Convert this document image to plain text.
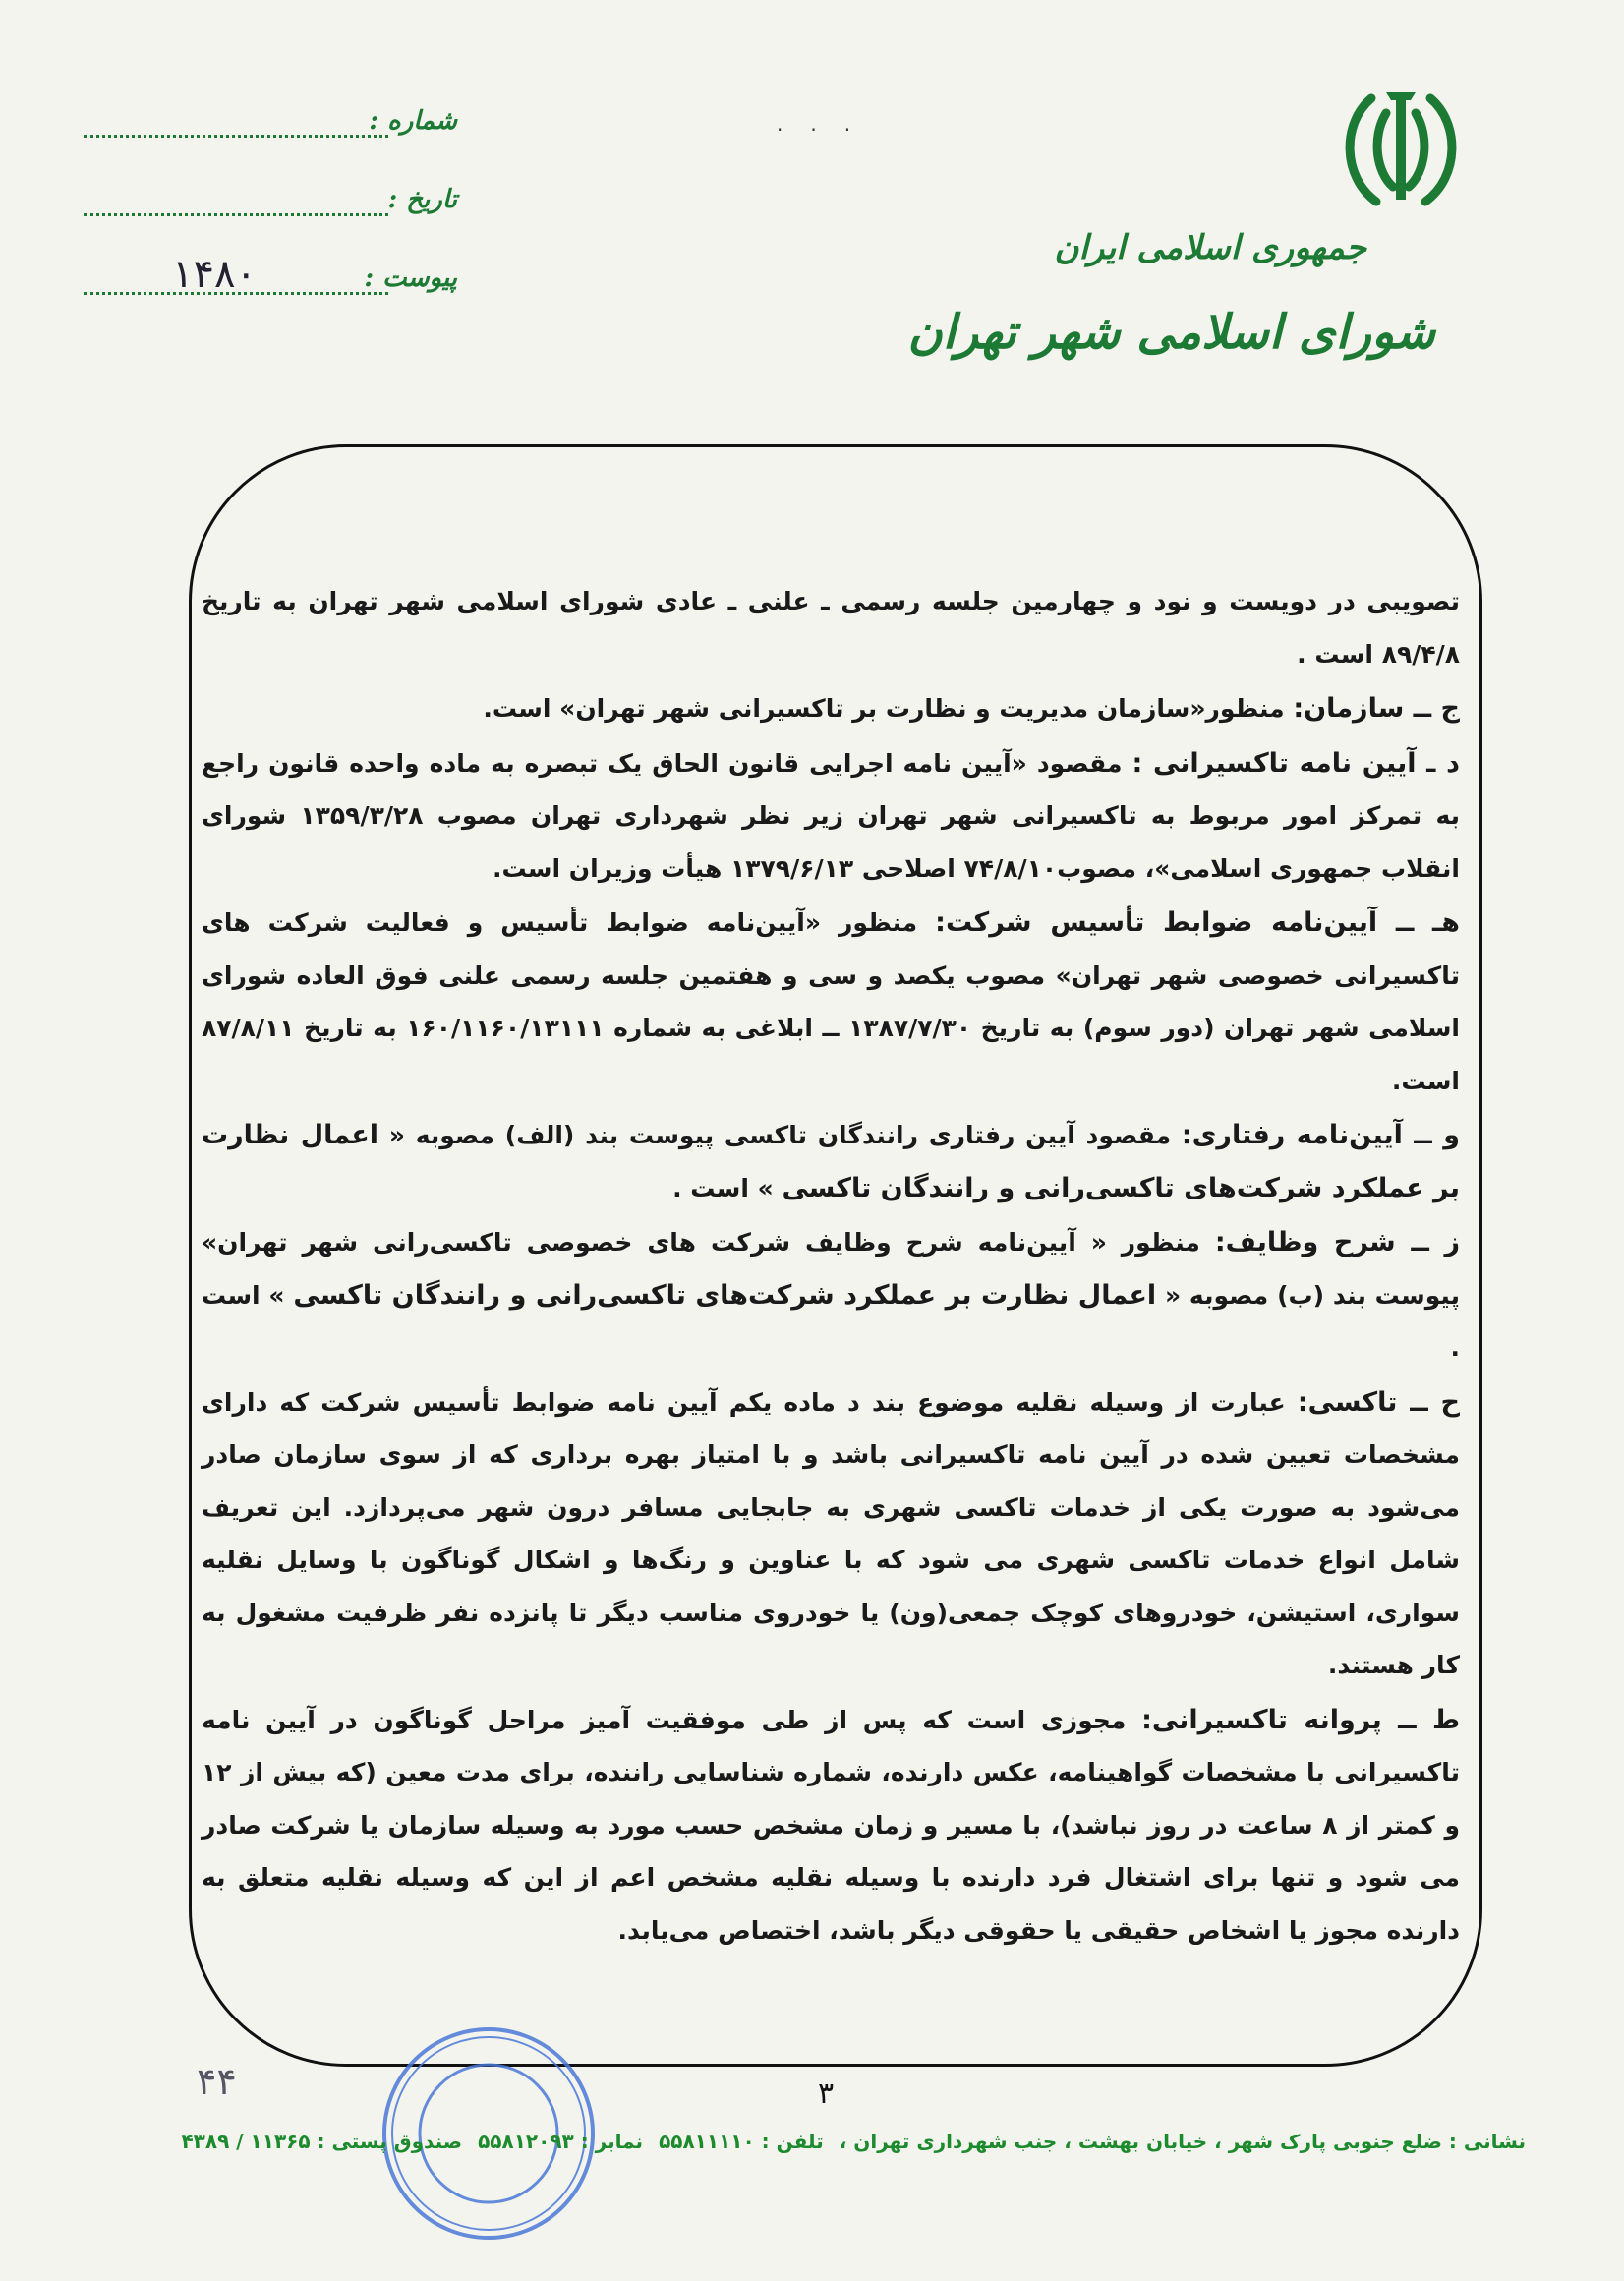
جمهوری اسلامی ایران
شورای اسلامی شهر تهران
···
شماره :
تاریخ :
پیوست :
۱۴۸۰

تصویبی در دویست و نود و چهارمین جلسه رسمی ـ علنی ـ عادی شورای اسلامی شهر تهران به تاریخ ۸۹/۴/۸ است .

ج ــ سازمان: منظور«سازمان مدیریت و نظارت بر تاکسیرانی شهر تهران» است.

د ـ آیین نامه تاکسیرانی : مقصود «آیین نامه اجرایی قانون الحاق یک تبصره به ماده واحده قانون راجع به تمرکز امور مربوط به تاکسیرانی شهر تهران زیر نظر شهرداری تهران مصوب ۱۳۵۹/۳/۲۸ شورای انقلاب جمهوری اسلامی»، مصوب۷۴/۸/۱۰ اصلاحی ۱۳۷۹/۶/۱۳ هیأت وزیران است.

هـ ــ آیین‌نامه ضوابط تأسیس شرکت: منظور «آیین‌نامه ضوابط تأسیس و فعالیت شرکت های تاکسیرانی خصوصی شهر تهران» مصوب یکصد و سی و هفتمین جلسه رسمی علنی فوق العاده شورای اسلامی شهر تهران (دور سوم) به تاریخ ۱۳۸۷/۷/۳۰ ــ ابلاغی به شماره ۱۶۰/۱۱۶۰/۱۳۱۱۱ به تاریخ ۸۷/۸/۱۱ است.

و ــ آیین‌نامه رفتاری: مقصود آیین رفتاری رانندگان تاکسی پیوست بند (الف) مصوبه « اعمال نظارت بر عملکرد شرکت‌های تاکسی‌رانی و رانندگان تاکسی » است .

ز ــ شرح وظایف: منظور « آیین‌نامه شرح وظایف شرکت های خصوصی تاکسی‌رانی شهر تهران» پیوست بند (ب) مصوبه « اعمال نظارت بر عملکرد شرکت‌های تاکسی‌رانی و رانندگان تاکسی » است .

ح ــ تاکسی: عبارت از وسیله نقلیه موضوع بند د ماده یکم آیین نامه ضوابط تأسیس شرکت که دارای مشخصات تعیین شده در آیین نامه تاکسیرانی باشد و با امتیاز بهره برداری که از سوی سازمان صادر می‌شود به صورت یکی از خدمات تاکسی شهری به جابجایی مسافر درون شهر می‌پردازد. این تعریف شامل انواع خدمات تاکسی شهری می شود که با عناوین و رنگ‌ها و اشکال گوناگون با وسایل نقلیه سواری، استیشن، خودروهای کوچک جمعی(ون) یا خودروی مناسب دیگر تا پانزده نفر ظرفیت مشغول به کار هستند.

ط ــ پروانه تاکسیرانی: مجوزی است که پس از طی موفقیت آمیز مراحل گوناگون در آیین نامه تاکسیرانی با مشخصات گواهینامه، عکس دارنده، شماره شناسایی راننده، برای مدت معین (که بیش از ۱۲ و کمتر از ۸ ساعت در روز نباشد)، با مسیر و زمان مشخص حسب مورد به وسیله سازمان یا شرکت صادر می شود و تنها برای اشتغال فرد دارنده با وسیله نقلیه مشخص اعم از این که وسیله نقلیه متعلق به دارنده مجوز یا اشخاص حقیقی یا حقوقی دیگر باشد، اختصاص می‌یابد.

۴۴	۳
نشانی : ضلع جنوبی پارک شهر ، خیابان بهشت ، جنب شهرداری تهران ،تلفن : ۵۵۸۱۱۱۱۰نمابر : ۵۵۸۱۲۰۹۳صندوق پستی : ۱۱۳۶۵ / ۴۳۸۹
